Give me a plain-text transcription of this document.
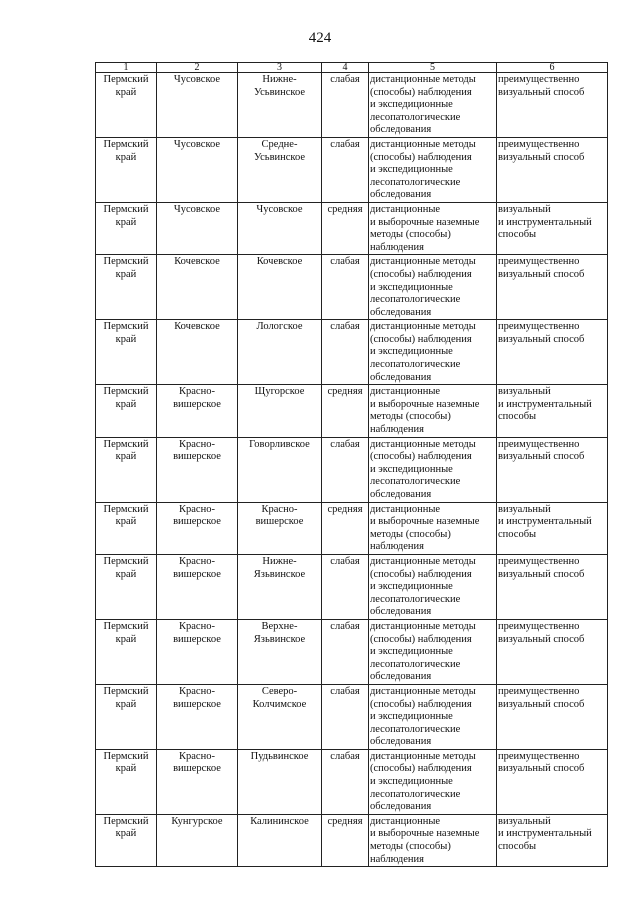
424
1	2	3	4	5	6

Пермский
край	Чусовское	Нижне-
Усьвинское	слабая	дистанционные методы
(способы) наблюдения
и экспедиционные
лесопатологические
обследования	преимущественно
визуальный способ

Пермский
край	Чусовское	Средне-
Усьвинское	слабая	дистанционные методы
(способы) наблюдения
и экспедиционные
лесопатологические
обследования	преимущественно
визуальный способ

Пермский
край	Чусовское	Чусовское	средняя	дистанционные
и выборочные наземные
методы (способы)
наблюдения	визуальный
и инструментальный
способы

Пермский
край	Кочевское	Кочевское	слабая	дистанционные методы
(способы) наблюдения
и экспедиционные
лесопатологические
обследования	преимущественно
визуальный способ

Пермский
край	Кочевское	Лологское	слабая	дистанционные методы
(способы) наблюдения
и экспедиционные
лесопатологические
обследования	преимущественно
визуальный способ

Пермский
край	Красно-
вишерское	Щугорское	средняя	дистанционные
и выборочные наземные
методы (способы)
наблюдения	визуальный
и инструментальный
способы

Пермский
край	Красно-
вишерское	Говорливское	слабая	дистанционные методы
(способы) наблюдения
и экспедиционные
лесопатологические
обследования	преимущественно
визуальный способ

Пермский
край	Красно-
вишерское	Красно-
вишерское	средняя	дистанционные
и выборочные наземные
методы (способы)
наблюдения	визуальный
и инструментальный
способы

Пермский
край	Красно-
вишерское	Нижне-
Язьвинское	слабая	дистанционные методы
(способы) наблюдения
и экспедиционные
лесопатологические
обследования	преимущественно
визуальный способ

Пермский
край	Красно-
вишерское	Верхне-
Язьвинское	слабая	дистанционные методы
(способы) наблюдения
и экспедиционные
лесопатологические
обследования	преимущественно
визуальный способ

Пермский
край	Красно-
вишерское	Северо-
Колчимское	слабая	дистанционные методы
(способы) наблюдения
и экспедиционные
лесопатологические
обследования	преимущественно
визуальный способ

Пермский
край	Красно-
вишерское	Пудьвинское	слабая	дистанционные методы
(способы) наблюдения
и экспедиционные
лесопатологические
обследования	преимущественно
визуальный способ

Пермский
край	Кунгурское	Калининское	средняя	дистанционные
и выборочные наземные
методы (способы)
наблюдения	визуальный
и инструментальный
способы
